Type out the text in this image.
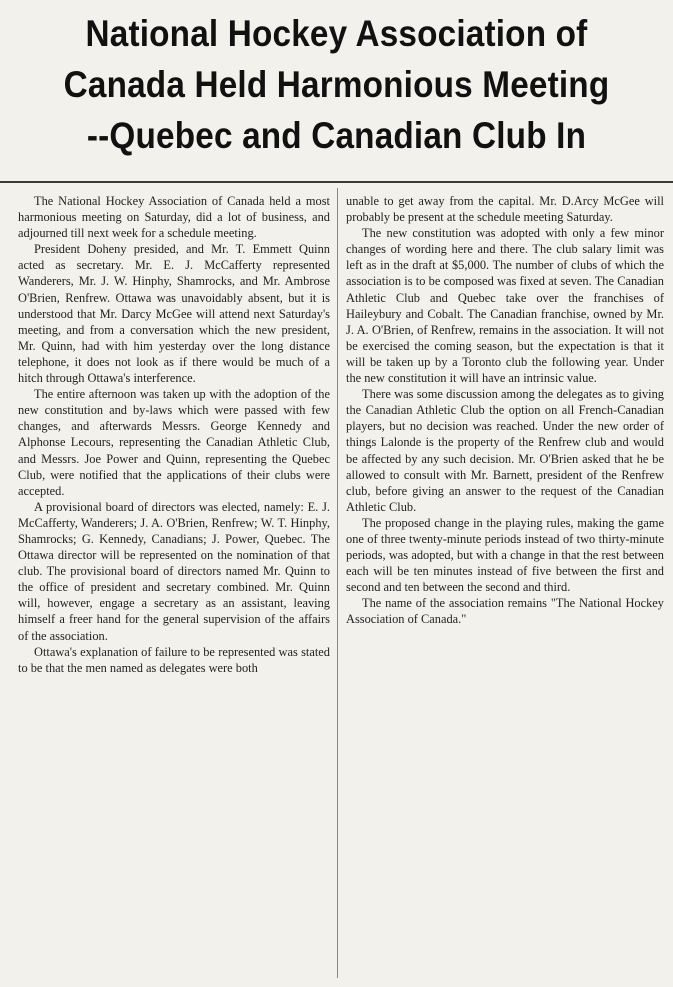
National Hockey Association of
Canada Held Harmonious Meeting
--Quebec and Canadian Club In

The National Hockey Association of Canada held a most harmonious meeting on Saturday, did a lot of business, and adjourned till next week for a schedule meeting.

President Doheny presided, and Mr. T. Emmett Quinn acted as secretary. Mr. E. J. McCafferty represented Wanderers, Mr. J. W. Hinphy, Shamrocks, and Mr. Ambrose O'Brien, Renfrew. Ottawa was unavoidably absent, but it is understood that Mr. Darcy McGee will attend next Saturday's meeting, and from a conversation which the new president, Mr. Quinn, had with him yesterday over the long distance telephone, it does not look as if there would be much of a hitch through Ottawa's interference.

The entire afternoon was taken up with the adoption of the new constitution and by-laws which were passed with few changes, and afterwards Messrs. George Kennedy and Alphonse Lecours, representing the Canadian Athletic Club, and Messrs. Joe Power and Quinn, representing the Quebec Club, were notified that the applications of their clubs were accepted.

A provisional board of directors was elected, namely: E. J. McCafferty, Wanderers; J. A. O'Brien, Renfrew; W. T. Hinphy, Shamrocks; G. Kennedy, Canadians; J. Power, Quebec. The Ottawa director will be represented on the nomination of that club. The provisional board of directors named Mr. Quinn to the office of president and secretary combined. Mr. Quinn will, however, engage a secretary as an assistant, leaving himself a freer hand for the general supervision of the affairs of the association.

Ottawa's explanation of failure to be represented was stated to be that the men named as delegates were both

unable to get away from the capital. Mr. D.Arcy McGee will probably be present at the schedule meeting Saturday.

The new constitution was adopted with only a few minor changes of wording here and there. The club salary limit was left as in the draft at $5,000. The number of clubs of which the association is to be composed was fixed at seven. The Canadian Athletic Club and Quebec take over the franchises of Haileybury and Cobalt. The Canadian franchise, owned by Mr. J. A. O'Brien, of Renfrew, remains in the association. It will not be exercised the coming season, but the expectation is that it will be taken up by a Toronto club the following year. Under the new constitution it will have an intrinsic value.

There was some discussion among the delegates as to giving the Canadian Athletic Club the option on all French-Canadian players, but no decision was reached. Under the new order of things Lalonde is the property of the Renfrew club and would be affected by any such decision. Mr. O'Brien asked that he be allowed to consult with Mr. Barnett, president of the Renfrew club, before giving an answer to the request of the Canadian Athletic Club.

The proposed change in the playing rules, making the game one of three twenty-minute periods instead of two thirty-minute periods, was adopted, but with a change in that the rest between each will be ten minutes instead of five between the first and second and ten between the second and third.

The name of the association remains "The National Hockey Association of Canada."
